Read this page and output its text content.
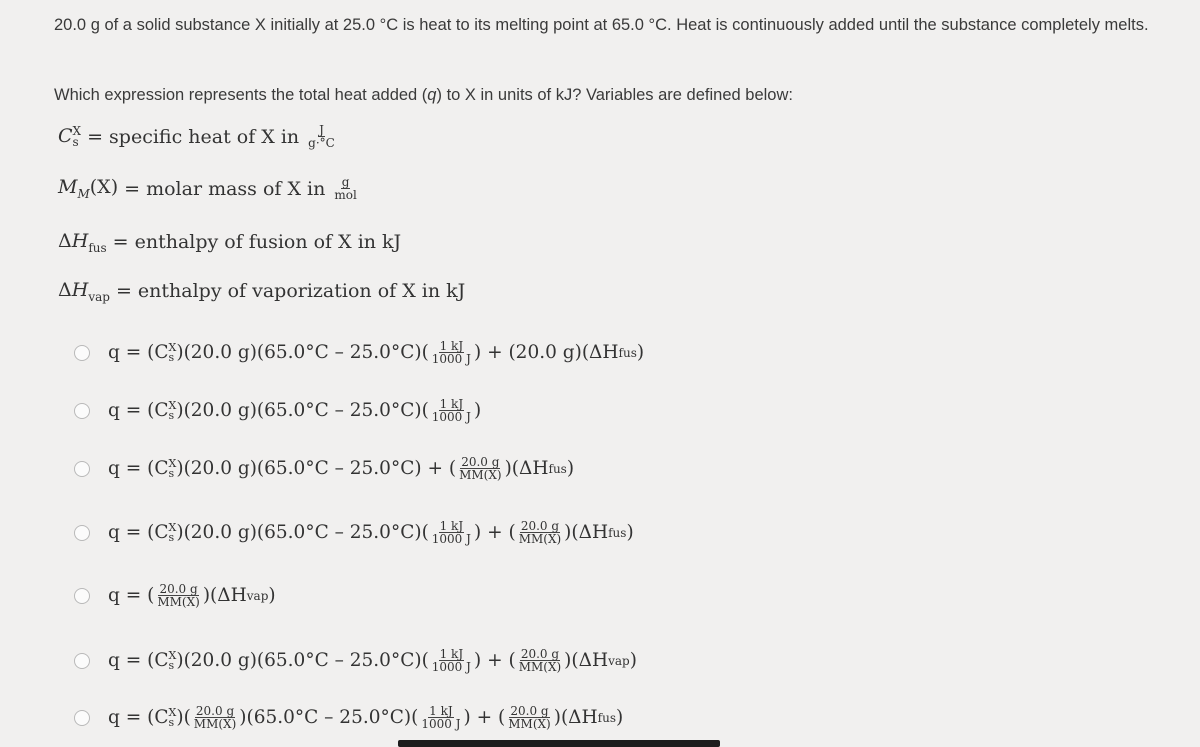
20.0 g of a solid substance X initially at 25.0 °C is heat to its melting point at 65.0 °C. Heat is continuously added until the substance completely melts.
Which expression represents the total heat added (q) to X in units of kJ? Variables are defined below:
C X
s = specific heat of X in $\frac{J}{g\cdot^\circ C}$
$M_M(X)$ = molar mass of X in $\frac{g}{\text{mol}}$
$\Delta H_{fus}$ = enthalpy of fusion of X in kJ
$\Delta H_{vap}$ = enthalpy of vaporization of X in kJ
q =
(C X
s ) (20.0 g) (65.0°C – 25.0°C) ( $\frac{1 kJ}{1000 J}$ )
+
(20.0 g)(ΔH fus )
q =
(C X
s ) (20.0 g) (65.0°C – 25.0°C) ( $\frac{1 kJ}{1000 J}$ )
q =
(C X
s ) (20.0 g) (65.0°C – 25.0°C)
+
( $\frac{20.0 g}{MM(X)}$ ) (ΔH fus )
q =
(C X
s ) (20.0 g) (65.0°C – 25.0°C) ( $\frac{1 kJ}{1000 J}$ )
+
( $\frac{20.0 g}{MM(X)}$ ) (ΔH fus )
q =
( $\frac{20.0 g}{MM(X)}$ ) (ΔH vap )
q =
(C X
s ) (20.0 g) (65.0°C – 25.0°C) ( $\frac{1 kJ}{1000 J}$ )
+
( $\frac{20.0 g}{MM(X)}$ ) (ΔH vap )
q =
(C X
s ) ( $\frac{20.0 g}{MM(X)}$ ) $(65.0^\circ C - 25.0^\circ C)( \frac{1 kJ}{1000 J}$ )
+
( $\frac{20.0 g}{MM(X)}$ ) (ΔH fus )
